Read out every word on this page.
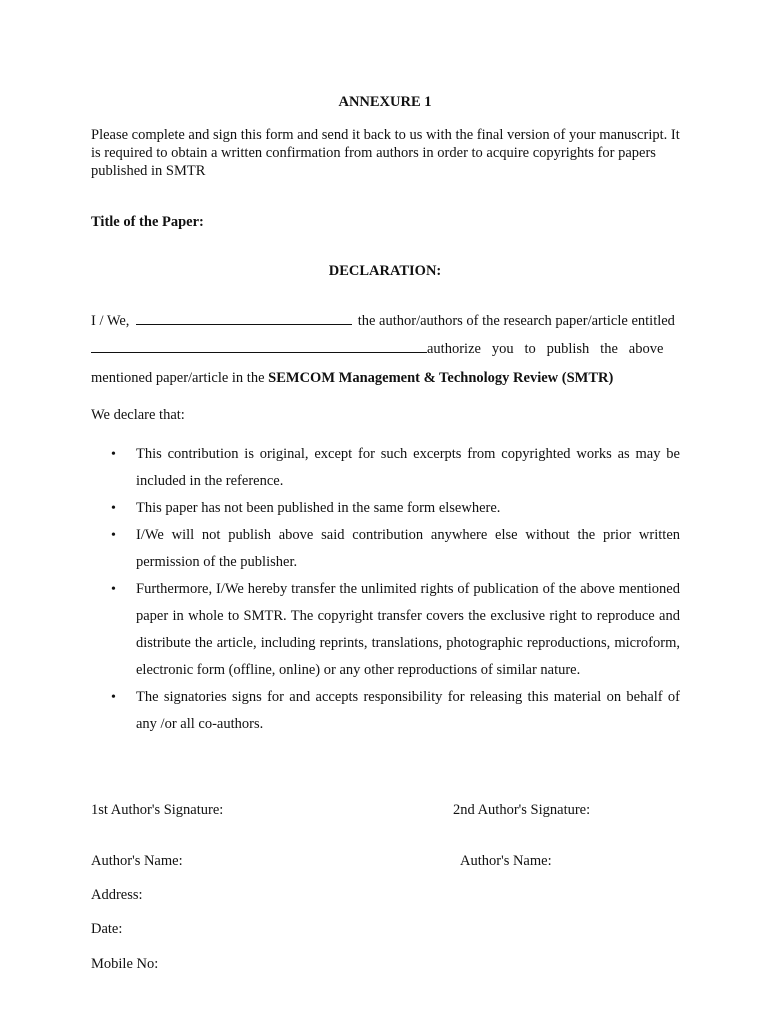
ANNEXURE 1
Please complete and sign this form and send it back to us with the final version of your manuscript. It is required to obtain a written confirmation from authors in order to acquire copyrights for papers published in SMTR
Title of the Paper:
DECLARATION:
I / We,	the author/authors of the research paper/article entitled
authorize   you   to   publish   the   above
mentioned paper/article in the SEMCOM Management & Technology Review (SMTR)
We declare that:
• This contribution is original, except for such excerpts from copyrighted works as may be included in the reference.
• This paper has not been published in the same form elsewhere.
• I/We will not publish above said contribution anywhere else without the prior written permission of the publisher.
• Furthermore, I/We hereby transfer the unlimited rights of publication of the above mentioned paper in whole to SMTR. The copyright transfer covers the exclusive right to reproduce and distribute the article, including reprints, translations, photographic reproductions, microform, electronic form (offline, online) or any other reproductions of similar nature.
• The signatories signs for and accepts responsibility for releasing this material on behalf of any /or all co-authors.
1st Author's Signature:	2nd Author's Signature:
Author's Name:	Author's Name:
Address:
Date:
Mobile No:
